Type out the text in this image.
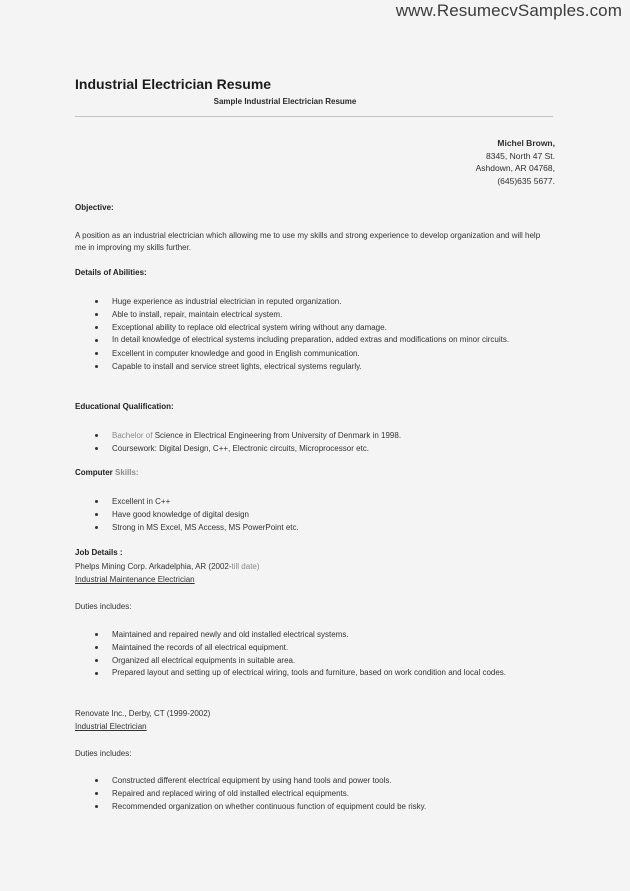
www.ResumecvSamples.com
Industrial Electrician Resume
Sample Industrial Electrician Resume
Michel Brown,
8345, North 47 St.
Ashdown, AR 04768,
(645)635 5677.
Objective:
A position as an industrial electrician which allowing me to use my skills and strong experience to develop organization and will help me in improving my skills further.
Details of Abilities:
Huge experience as industrial electrician in reputed organization.
Able to install, repair, maintain electrical system.
Exceptional ability to replace old electrical system wiring without any damage.
In detail knowledge of electrical systems including preparation, added extras and modifications on minor circuits.
Excellent in computer knowledge and good in English communication.
Capable to install and service street lights, electrical systems regularly.
Educational Qualification:
Bachelor of Science in Electrical Engineering from University of Denmark in 1998.
Coursework: Digital Design, C++, Electronic circuits, Microprocessor etc.
Computer Skills:
Excellent in C++
Have good knowledge of digital design
Strong in MS Excel, MS Access, MS PowerPoint etc.
Job Details :
Phelps Mining Corp. Arkadelphia, AR (2002-till date)
Industrial Maintenance Electrician
Duties includes:
Maintained and repaired newly and old installed electrical systems.
Maintained the records of all electrical equipment.
Organized all electrical equipments in suitable area.
Prepared layout and setting up of electrical wiring, tools and furniture, based on work condition and local codes.
Renovate Inc., Derby, CT (1999-2002)
Industrial Electrician
Duties includes:
Constructed different electrical equipment by using hand tools and power tools.
Repaired and replaced wiring of old installed electrical equipments.
Recommended organization on whether continuous function of equipment could be risky.
